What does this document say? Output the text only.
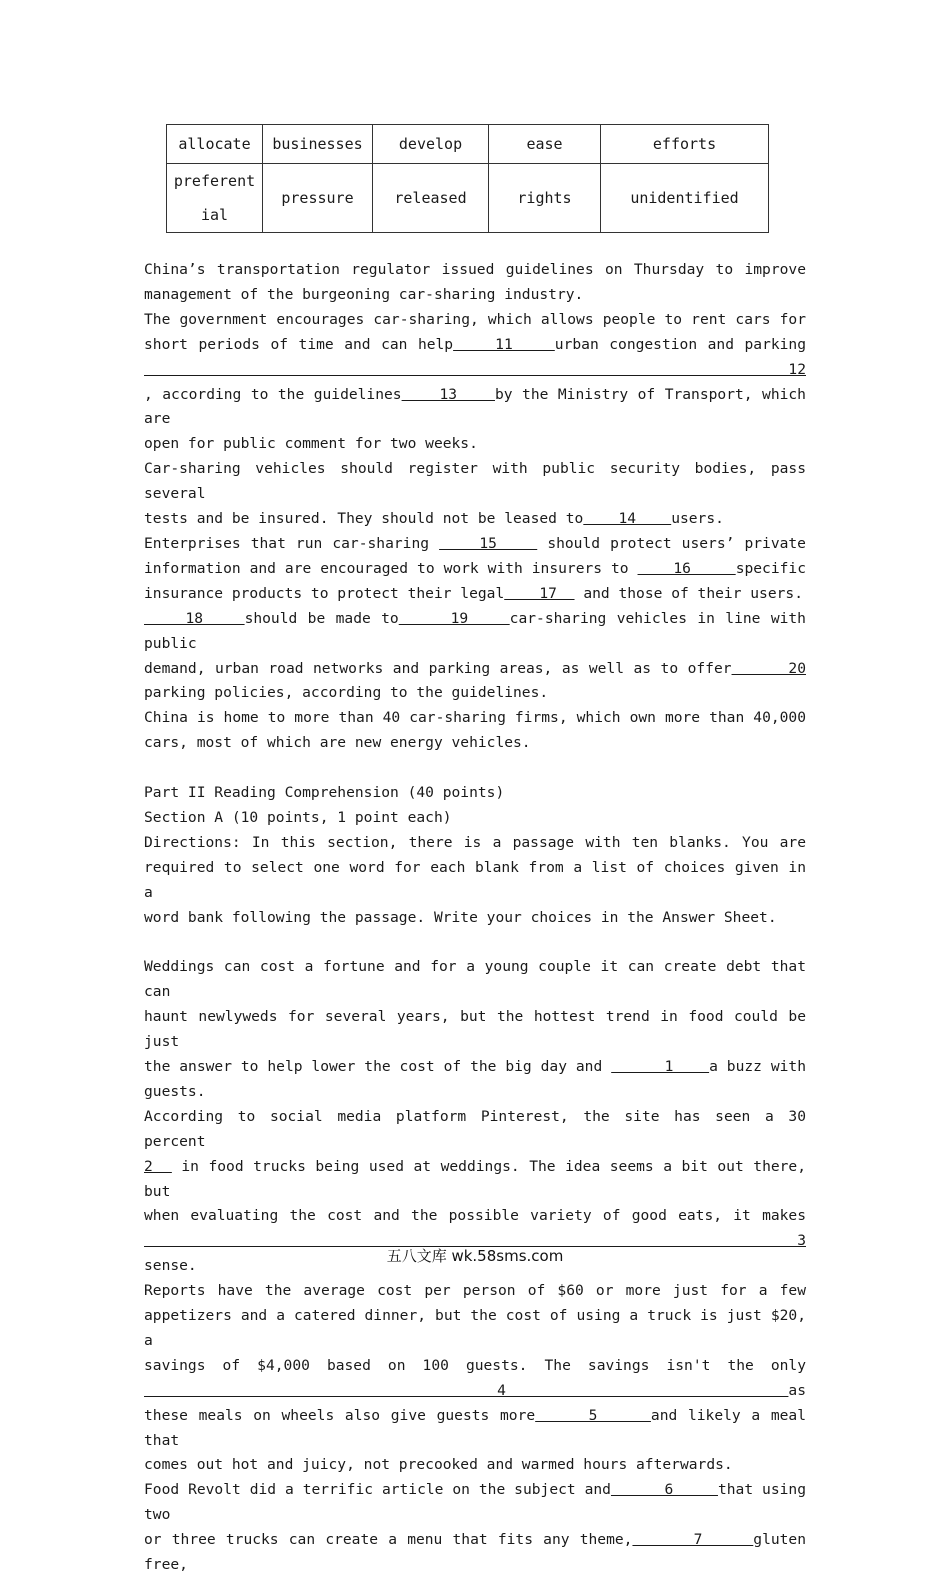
allocate	businesses	develop	ease	efforts
preferential	pressure	released	rights	unidentified

China’s transportation regulator issued guidelines on Thursday to improve

management of the burgeoning car-sharing industry.

The government encourages car-sharing, which allows people to rent cars for

short periods of time and can help    11    urban congestion and parking    12

, according to the guidelines    13    by the Ministry of Transport, which are

open for public comment for two weeks.

Car-sharing vehicles should register with public security bodies, pass several

tests and be insured. They should not be leased to    14    users.

Enterprises that run car-sharing     15     should protect users’ private

information and are encouraged to work with insurers to     16     specific

insurance products to protect their legal    17   and those of their users.

18    should be made to     19    car-sharing vehicles in line with public

demand, urban road networks and parking areas, as well as to offer      20

parking policies, according to the guidelines.

China is home to more than 40 car-sharing firms, which own more than 40,000

cars, most of which are new energy vehicles.

Part II Reading Comprehension (40 points)

Section A (10 points, 1 point each)

Directions: In this section, there is a passage with ten blanks. You are

required to select one word for each blank from a list of choices given in a

word bank following the passage. Write your choices in the Answer Sheet.

Weddings can cost a fortune and for a young couple it can create debt that can

haunt newlyweds for several years, but the hottest trend in food could be just

the answer to help lower the cost of the big day and       1    a buzz with

guests.

According to social media platform Pinterest, the site has seen a 30 percent

2   in food trucks being used at weddings. The idea seems a bit out there, but

when evaluating the cost and the possible variety of good eats, it makes     3

sense.

Reports have the average cost per person of $60 or more just for a few

appetizers and a catered dinner, but the cost of using a truck is just $20, a

savings of $4,000 based on 100 guests. The savings isn't the only     4    as

these meals on wheels also give guests more     5     and likely a meal that

comes out hot and juicy, not precooked and warmed hours afterwards.

Food Revolt did a terrific article on the subject and      6     that using two

or three trucks can create a menu that fits any theme,      7     gluten free,

五八文库 wk.58sms.com
